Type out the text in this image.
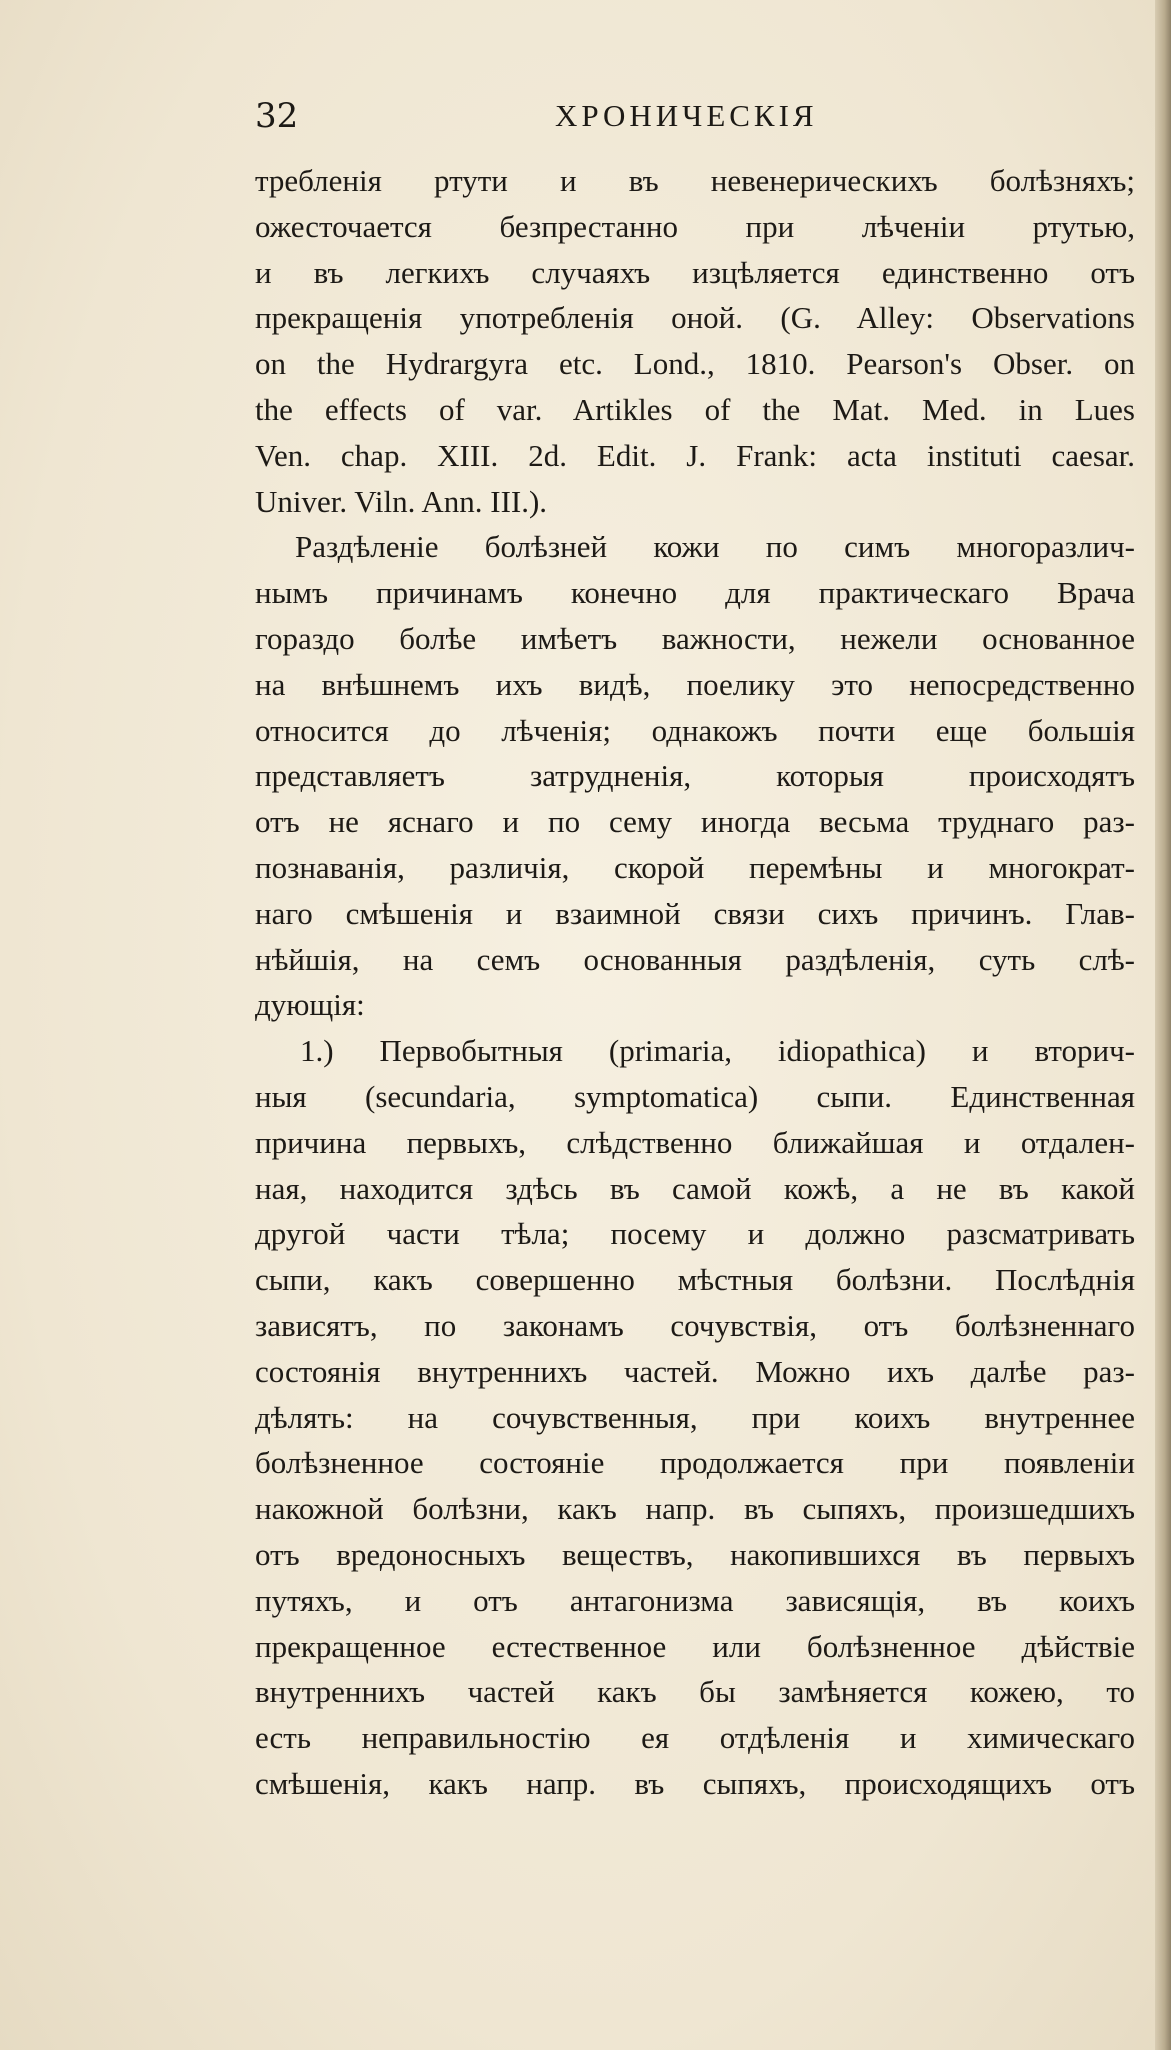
32	ХРОНИЧЕСКІЯ
требленія ртути и въ невенерическихъ болѣзняхъ;
ожесточается безпрестанно при лѣченіи ртутью,
и въ легкихъ случаяхъ изцѣляется единственно отъ
прекращенія употребленія оной. (G. Alley: Observations
on the Hydrargyra etc. Lond., 1810. Pearson's Obser. on
the effects of var. Artikles of the Mat. Med. in Lues
Ven. chap. XIII. 2d. Edit. J. Frank: acta instituti caesar.
Univer. Viln. Ann. III.).
Раздѣленіе болѣзней кожи по симъ многоразлич-
нымъ причинамъ конечно для практическаго Врача
гораздо болѣе имѣетъ важности, нежели основанное
на внѣшнемъ ихъ видѣ, поелику это непосредственно
относится до лѣченія; однакожъ почти еще большія
представляетъ затрудненія, которыя происходятъ
отъ не яснаго и по сему иногда весьма труднаго раз-
познаванія, различія, скорой перемѣны и многократ-
наго смѣшенія и взаимной связи сихъ причинъ. Глав-
нѣйшія, на семъ основанныя раздѣленія, суть слѣ-
дующія:
1.) Первобытныя (primaria, idiopathica) и вторич-
ныя (secundaria, symptomatica) сыпи. Единственная
причина первыхъ, слѣдственно ближайшая и отдален-
ная, находится здѣсь въ самой кожѣ, а не въ какой
другой части тѣла; посему и должно разсматривать
сыпи, какъ совершенно мѣстныя болѣзни. Послѣднія
зависятъ, по законамъ сочувствія, отъ болѣзненнаго
состоянія внутреннихъ частей. Можно ихъ далѣе раз-
дѣлять: на сочувственныя, при коихъ внутреннее
болѣзненное состояніе продолжается при появленіи
накожной болѣзни, какъ напр. въ сыпяхъ, произшедшихъ
отъ вредоносныхъ веществъ, накопившихся въ первыхъ
путяхъ, и отъ антагонизма зависящія, въ коихъ
прекращенное естественное или болѣзненное дѣйствіе
внутреннихъ частей какъ бы замѣняется кожею, то
есть неправильностію ея отдѣленія и химическаго
смѣшенія, какъ напр. въ сыпяхъ, происходящихъ отъ
